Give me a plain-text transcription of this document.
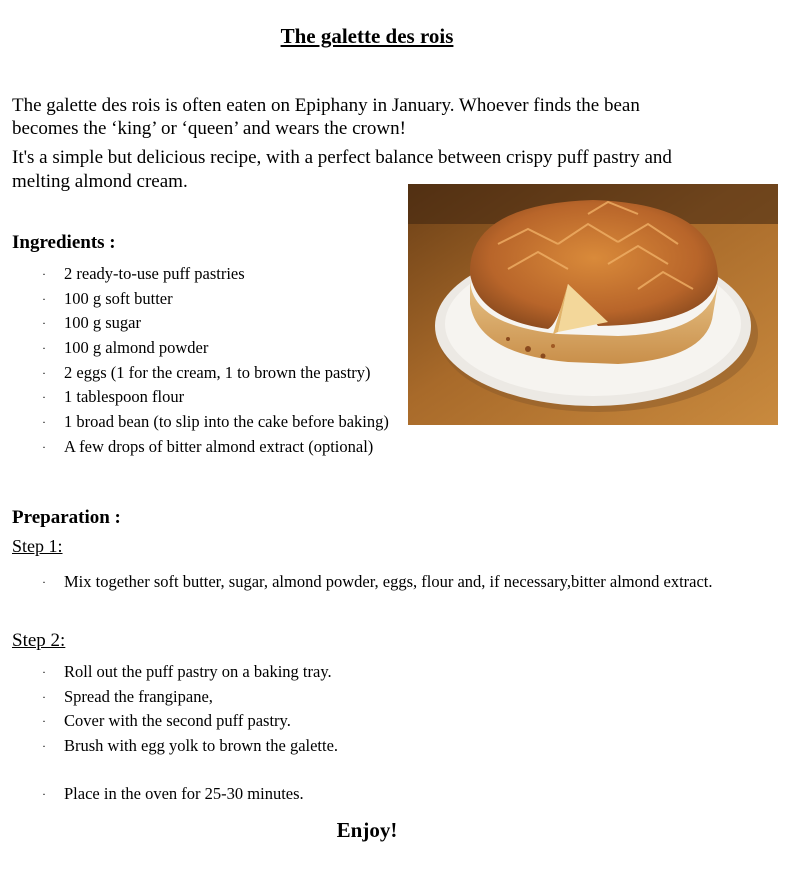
The galette des rois

The galette des rois is often eaten on Epiphany in January. Whoever finds the bean

becomes the ‘king’ or ‘queen’ and wears the crown!

It's a simple but delicious recipe, with a perfect balance between crispy puff pastry and melting almond cream.

Ingredients :
· 2 ready-to-use puff pastries
· 100 g soft butter
· 100 g sugar
· 100 g almond powder
· 2 eggs (1 for the cream, 1 to brown the pastry)
· 1 tablespoon flour
· 1 broad bean (to slip into the cake before baking)
· A few drops of bitter almond extract (optional)
Preparation :
Step 1:
· Mix together soft butter, sugar, almond powder, eggs, flour and, if necessary,bitter almond extract.
Step 2:
· Roll out the puff pastry on a baking tray.
· Spread the frangipane,
· Cover with the second puff pastry.
· Brush with egg yolk to brown the galette.
· Place in the oven for 25-30 minutes.
Enjoy!
